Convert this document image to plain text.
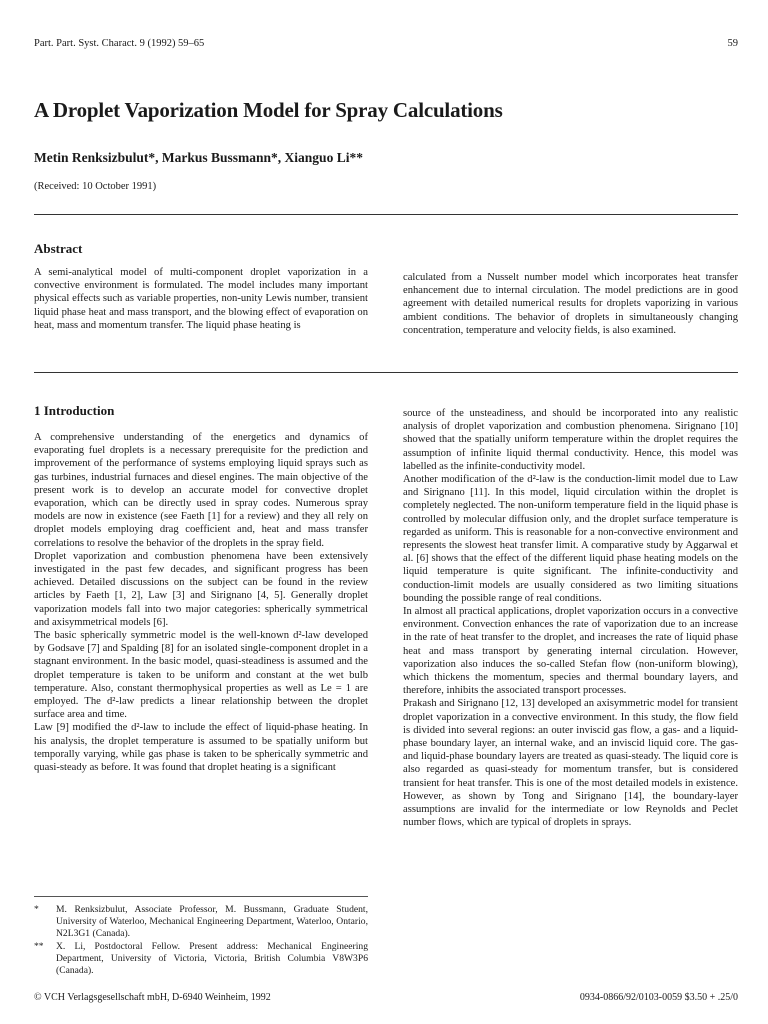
Part. Part. Syst. Charact. 9 (1992) 59–65	59
A Droplet Vaporization Model for Spray Calculations
Metin Renksizbulut*, Markus Bussmann*, Xianguo Li**
(Received: 10 October 1991)
Abstract

A semi-analytical model of multi-component droplet vaporization in a convective environment is formulated. The model includes many important physical effects such as variable properties, non-unity Lewis number, transient liquid phase heat and mass transport, and the blowing effect of evaporation on heat, mass and momentum transfer. The liquid phase heating is

calculated from a Nusselt number model which incorporates heat transfer enhancement due to internal circulation. The model predictions are in good agreement with detailed numerical results for droplets vaporizing in various ambient conditions. The behavior of droplets in simultaneously changing concentration, temperature and velocity fields, is also examined.

1 Introduction

A comprehensive understanding of the energetics and dynamics of evaporating fuel droplets is a necessary prerequisite for the prediction and improvement of the performance of systems employing liquid sprays such as gas turbines, industrial furnaces and diesel engines. The main objective of the present work is to develop an accurate model for convective droplet evaporation, which can be directly used in spray codes. Numerous spray models are now in existence (see Faeth [1] for a review) and they all rely on droplet models employing drag coefficient and, heat and mass transfer correlations to resolve the behavior of the droplets in the spray field.

Droplet vaporization and combustion phenomena have been extensively investigated in the past few decades, and significant progress has been achieved. Detailed discussions on the subject can be found in the review articles by Faeth [1, 2], Law [3] and Sirignano [4, 5]. Generally droplet vaporization models fall into two major categories: spherically symmetrical and axisymmetrical models [6].

The basic spherically symmetric model is the well-known d²-law developed by Godsave [7] and Spalding [8] for an isolated single-component droplet in a stagnant environment. In the basic model, quasi-steadiness is assumed and the droplet temperature is taken to be uniform and constant at the wet bulb temperature. Also, constant thermophysical properties as well as Le = 1 are employed. The d²-law predicts a linear relationship between the droplet surface area and time.

Law [9] modified the d²-law to include the effect of liquid-phase heating. In his analysis, the droplet temperature is assumed to be spatially uniform but temporally varying, while gas phase is taken to be spherically symmetric and quasi-steady as before. It was found that droplet heating is a significant

source of the unsteadiness, and should be incorporated into any realistic analysis of droplet vaporization and combustion phenomena. Sirignano [10] showed that the spatially uniform temperature within the droplet requires the assumption of infinite liquid thermal conductivity. Hence, this model was labelled as the infinite-conductivity model.

Another modification of the d²-law is the conduction-limit model due to Law and Sirignano [11]. In this model, liquid circulation within the droplet is completely neglected. The non-uniform temperature field in the liquid phase is controlled by molecular diffusion only, and the droplet surface temperature is regarded as uniform. This is reasonable for a non-convective environment and represents the slowest heat transfer limit. A comparative study by Aggarwal et al. [6] shows that the effect of the different liquid phase heating models on the liquid temperature is quite significant. The infinite-conductivity and conduction-limit models are usually considered as two limiting situations bounding the possible range of real conditions.

In almost all practical applications, droplet vaporization occurs in a convective environment. Convection enhances the rate of vaporization due to an increase in the rate of heat transfer to the droplet, and increases the rate of liquid phase heat and mass transport by generating internal circulation. However, vaporization also induces the so-called Stefan flow (non-uniform blowing), which thickens the momentum, species and thermal boundary layers, and therefore, inhibits the associated transport processes.

Prakash and Sirignano [12, 13] developed an axisymmetric model for transient droplet vaporization in a convective environment. In this study, the flow field is divided into several regions: an outer inviscid gas flow, a gas- and a liquid-phase boundary layer, an internal wake, and an inviscid liquid core. The gas- and liquid-phase boundary layers are treated as quasi-steady. The liquid core is also regarded as quasi-steady for momentum transfer, but is considered transient for heat transfer. This is one of the most detailed models in existence. However, as shown by Tong and Sirignano [14], the boundary-layer assumptions are invalid for the intermediate or low Reynolds and Peclet number flows, which are typical of droplets in sprays.

*	M. Renksizbulut, Associate Professor, M. Bussmann, Graduate Student, University of Waterloo, Mechanical Engineering Department, Waterloo, Ontario, N2L3G1 (Canada).
**	X. Li, Postdoctoral Fellow. Present address: Mechanical Engineering Department, University of Victoria, Victoria, British Columbia V8W3P6 (Canada).
© VCH Verlagsgesellschaft mbH, D-6940 Weinheim, 1992	0934-0866/92/0103-0059 $3.50 + .25/0
